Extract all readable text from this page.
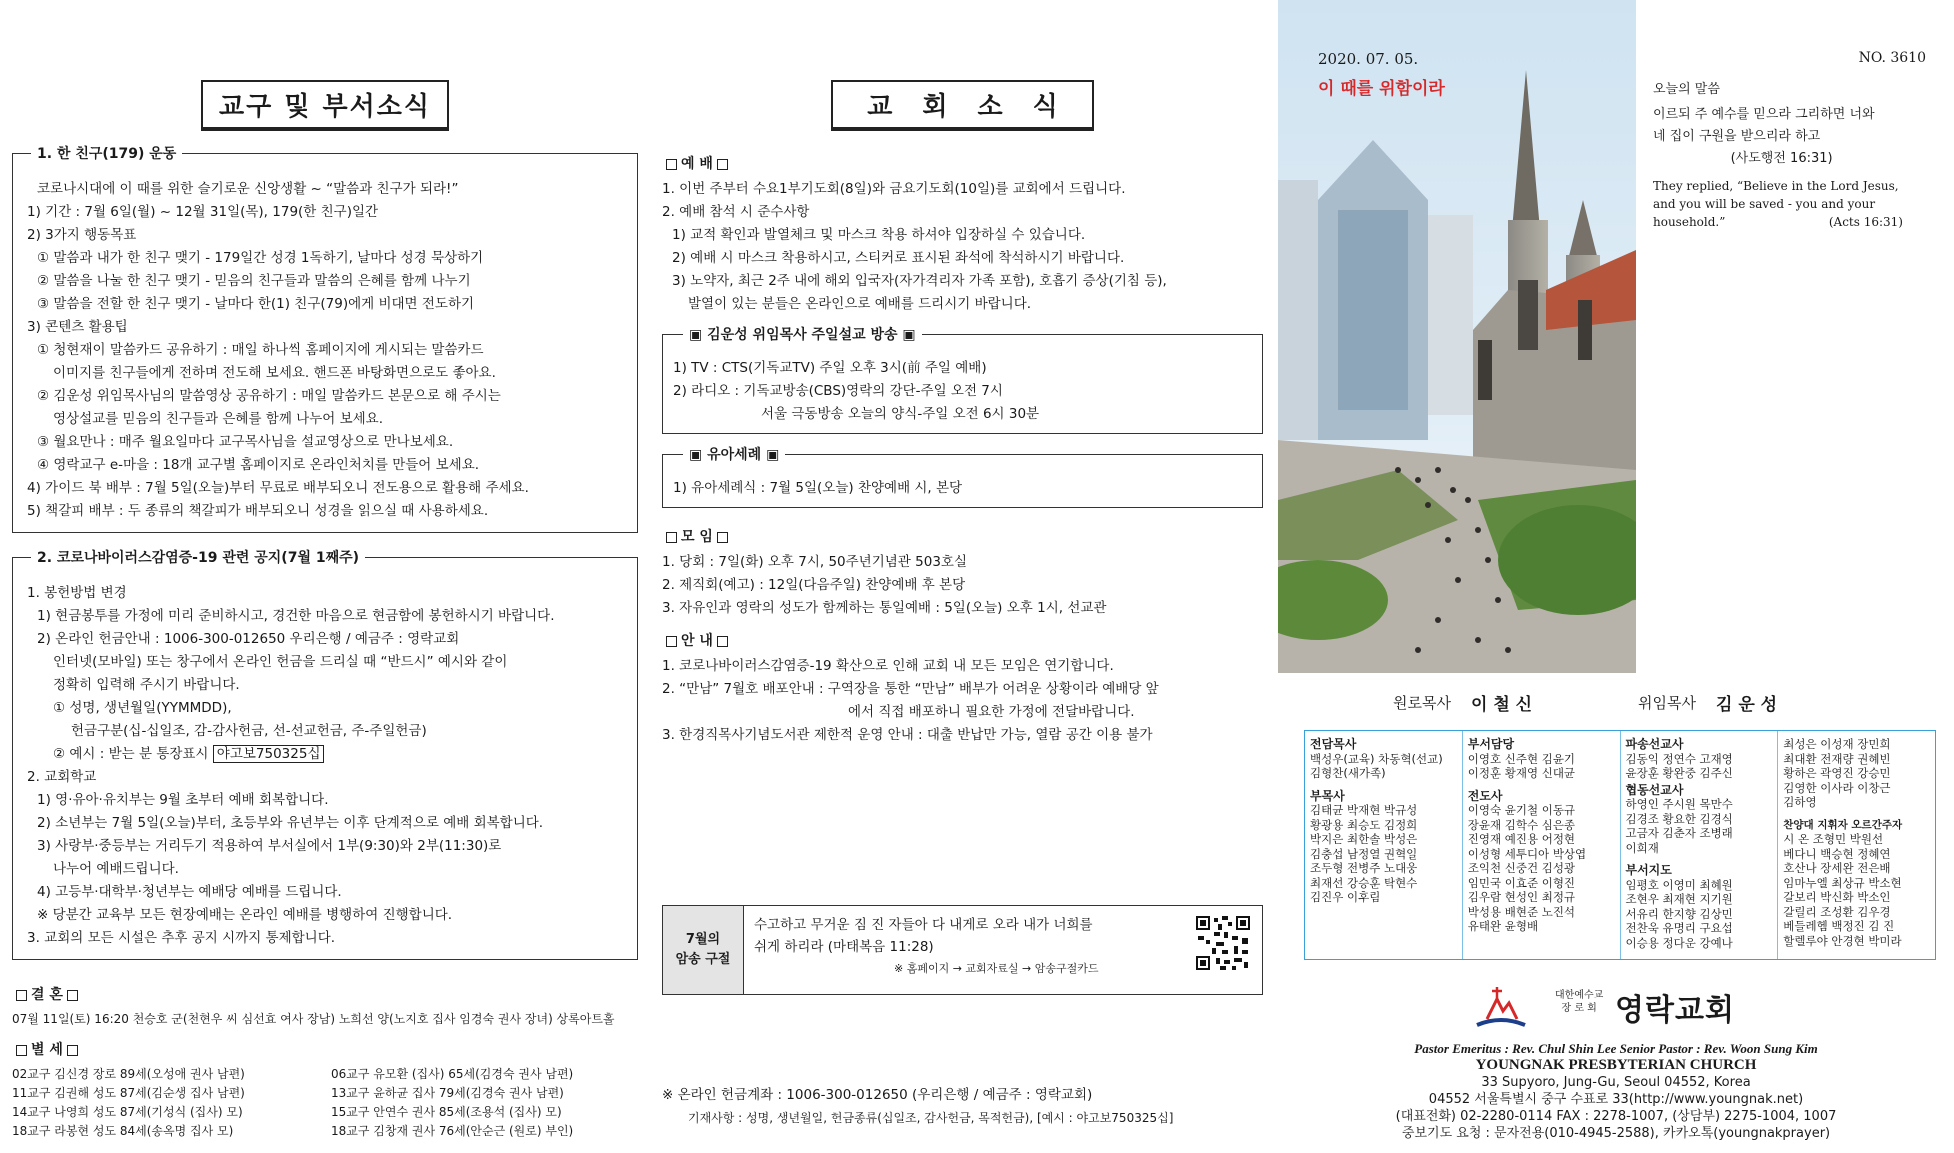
교구 및 부서소식
1. 한 친구(179) 운동
코로나시대에 이 때를 위한 슬기로운 신앙생활 ~ “말씀과 친구가 되라!”
1) 기간 : 7월 6일(월) ~ 12월 31일(목), 179(한 친구)일간
2) 3가지 행동목표
① 말씀과 내가 한 친구 맺기 - 179일간 성경 1독하기, 날마다 성경 묵상하기
② 말씀을 나눌 한 친구 맺기 - 믿음의 친구들과 말씀의 은혜를 함께 나누기
③ 말씀을 전할 한 친구 맺기 - 날마다 한(1) 친구(79)에게 비대면 전도하기
3) 콘텐츠 활용팁
① 청현재이 말씀카드 공유하기 : 매일 하나씩 홈페이지에 게시되는 말씀카드
이미지를 친구들에게 전하며 전도해 보세요. 핸드폰 바탕화면으로도 좋아요.
② 김운성 위임목사님의 말씀영상 공유하기 : 매일 말씀카드 본문으로 해 주시는
영상설교를 믿음의 친구들과 은혜를 함께 나누어 보세요.
③ 월요만나 : 매주 월요일마다 교구목사님을 설교영상으로 만나보세요.
④ 영락교구 e-마을 : 18개 교구별 홈페이지로 온라인처치를 만들어 보세요.
4) 가이드 북 배부 : 7월 5일(오늘)부터 무료로 배부되오니 전도용으로 활용해 주세요.
5) 책갈피 배부 : 두 종류의 책갈피가 배부되오니 성경을 읽으실 때 사용하세요.
2. 코로나바이러스감염증-19 관련 공지(7월 1째주)
1. 봉헌방법 변경
1) 현금봉투를 가정에 미리 준비하시고, 경건한 마음으로 현금함에 봉헌하시기 바랍니다.
2) 온라인 헌금안내 : 1006-300-012650 우리은행 / 예금주 : 영락교회
인터넷(모바일) 또는 창구에서 온라인 헌금을 드리실 때 “반드시” 예시와 같이
정확히 입력해 주시기 바랍니다.
① 성명, 생년월일(YYMMDD),
헌금구분(십-십일조, 감-감사헌금, 선-선교헌금, 주-주일헌금)
② 예시 : 받는 분 통장표시 야고보750325십
2. 교회학교
1) 영·유아·유치부는 9월 초부터 예배 회복합니다.
2) 소년부는 7월 5일(오늘)부터, 초등부와 유년부는 이후 단계적으로 예배 회복합니다.
3) 사랑부·중등부는 거리두기 적용하여 부서실에서 1부(9:30)와 2부(11:30)로
나누어 예배드립니다.
4) 고등부·대학부·청년부는 예배당 예배를 드립니다.
※ 당분간 교육부 모든 현장예배는 온라인 예배를 병행하여 진행합니다.
3. 교회의 모든 시설은 추후 공지 시까지 통제합니다.
결 혼
07월 11일(토) 16:20 천승호 군(천현우 씨 심선효 여사 장남) 노희선 양(노지호 집사 임경숙 권사 장녀) 상록아트홀
별 세
02교구 김신경 장로 89세(오성애 권사 남편)	06교구 유모환 (집사) 65세(김경숙 권사 남편)
11교구 김권해 성도 87세(김순생 집사 남편)	13교구 윤하균 집사 79세(김경숙 권사 남편)
14교구 나영희 성도 87세(기성식 (집사) 모)	15교구 안연수 권사 85세(조용석 (집사) 모)
18교구 라봉현 성도 84세(송옥명 집사 모)	18교구 김창재 권사 76세(안순근 (원로) 부인)
교회소식
예 배
1. 이번 주부터 수요1부기도회(8일)와 금요기도회(10일)를 교회에서 드립니다.
2. 예배 참석 시 준수사항
1) 교적 확인과 발열체크 및 마스크 착용 하셔야 입장하실 수 있습니다.
2) 예배 시 마스크 착용하시고, 스티커로 표시된 좌석에 착석하시기 바랍니다.
3) 노약자, 최근 2주 내에 해외 입국자(자가격리자 가족 포함), 호흡기 증상(기침 등),
발열이 있는 분들은 온라인으로 예배를 드리시기 바랍니다.
▣ 김운성 위임목사 주일설교 방송 ▣
1) TV : CTS(기독교TV) 주일 오후 3시(前 주일 예배)
2) 라디오 : 기독교방송(CBS)영락의 강단-주일 오전 7시
서울 극동방송 오늘의 양식-주일 오전 6시 30분
▣ 유아세례 ▣
1) 유아세례식 : 7월 5일(오늘) 찬양예배 시, 본당
모 임
1. 당회 : 7일(화) 오후 7시, 50주년기념관 503호실
2. 제직회(예고) : 12일(다음주일) 찬양예배 후 본당
3. 자유인과 영락의 성도가 함께하는 통일예배 : 5일(오늘) 오후 1시, 선교관
안 내
1. 코로나바이러스감염증-19 확산으로 인해 교회 내 모든 모임은 연기합니다.
2. “만남” 7월호 배포안내 : 구역장을 통한 “만남” 배부가 어려운 상황이라 예배당 앞
에서 직접 배포하니 필요한 가정에 전달바랍니다.
3. 한경직목사기념도서관 제한적 운영 안내 : 대출 반납만 가능, 열람 공간 이용 불가
7월의
암송 구절
수고하고 무거운 짐 진 자들아 다 내게로 오라 내가 너희를
쉬게 하리라 (마태복음 11:28)
※ 홈페이지 → 교회자료실 → 암송구절카드
※ 온라인 헌금계좌 : 1006-300-012650 (우리은행 / 예금주 : 영락교회)
기재사항 : 성명, 생년월일, 헌금종류(십일조, 감사헌금, 목적헌금), [예시 : 야고보750325십]
2020. 07. 05.
이 때를 위함이라
NO. 3610
오늘의 말씀
이르되 주 예수를 믿으라 그리하면 너와
네 집이 구원을 받으리라 하고
(사도행전 16:31)
They replied, “Believe in the Lord Jesus,
and you will be saved - you and your
household.”	(Acts 16:31)
원로목사 이 철 신	위임목사 김 운 성
전담목사
백성우(교육) 차동혁(선교)
김형찬(새가족)
부목사
김태균 박재현 박규성
황광용 최승도 김정희
박지은 최한솔 박성은
김충섭 남정열 권혁일
조두형 전병주 노대웅
최재선 강승훈 탁현수
김진우 이후림
부서담당
이영호 신주현 김윤기
이정훈 황재영 신대균
전도사
이영숙 윤기철 이동규
장윤재 김학수 심은종
진영재 예진용 어정현
이성형 세투디아 박상엽
조익천 신중건 김성광
임민국 이효준 이형진
김우람 현성인 최정규
박성용 배현준 노진석
유태완 윤형배
파송선교사
김동익 정연수 고재영
윤장훈 황완중 김주신
협동선교사
하영인 주시원 목만수
김경조 황요한 김경식
고금자 김춘자 조병래
이희재
부서지도
임평호 이영미 최혜원
조현우 최재현 지기원
서유리 한지향 김상민
전찬욱 유명리 구요섭
이승용 정다운 강예나
최성은 이성재 장민희
최대환 전재량 권혜빈
황하은 곽영진 강승민
김영한 이사라 이창근
김하영
찬양대 지휘자 오르간주자
시 온 조형민 박원선
베다니 백승현 정혜연
호산나 장세완 전은배
임마누엘 최상규 박소현
갈보리 박신화 박소인
갈릴리 조성환 김우경
베들레헴 백정진 김 진
할렐루야 안경현 박미라
대한예수교
장 로 회 영락교회
Pastor Emeritus : Rev. Chul Shin Lee Senior Pastor : Rev. Woon Sung Kim
YOUNGNAK PRESBYTERIAN CHURCH
33 Supyoro, Jung-Gu, Seoul 04552, Korea
04552 서울특별시 중구 수표로 33(http://www.youngnak.net)
(대표전화) 02-2280-0114 FAX : 2278-1007, (상담부) 2275-1004, 1007
중보기도 요청 : 문자전용(010-4945-2588), 카카오톡(youngnakprayer)
